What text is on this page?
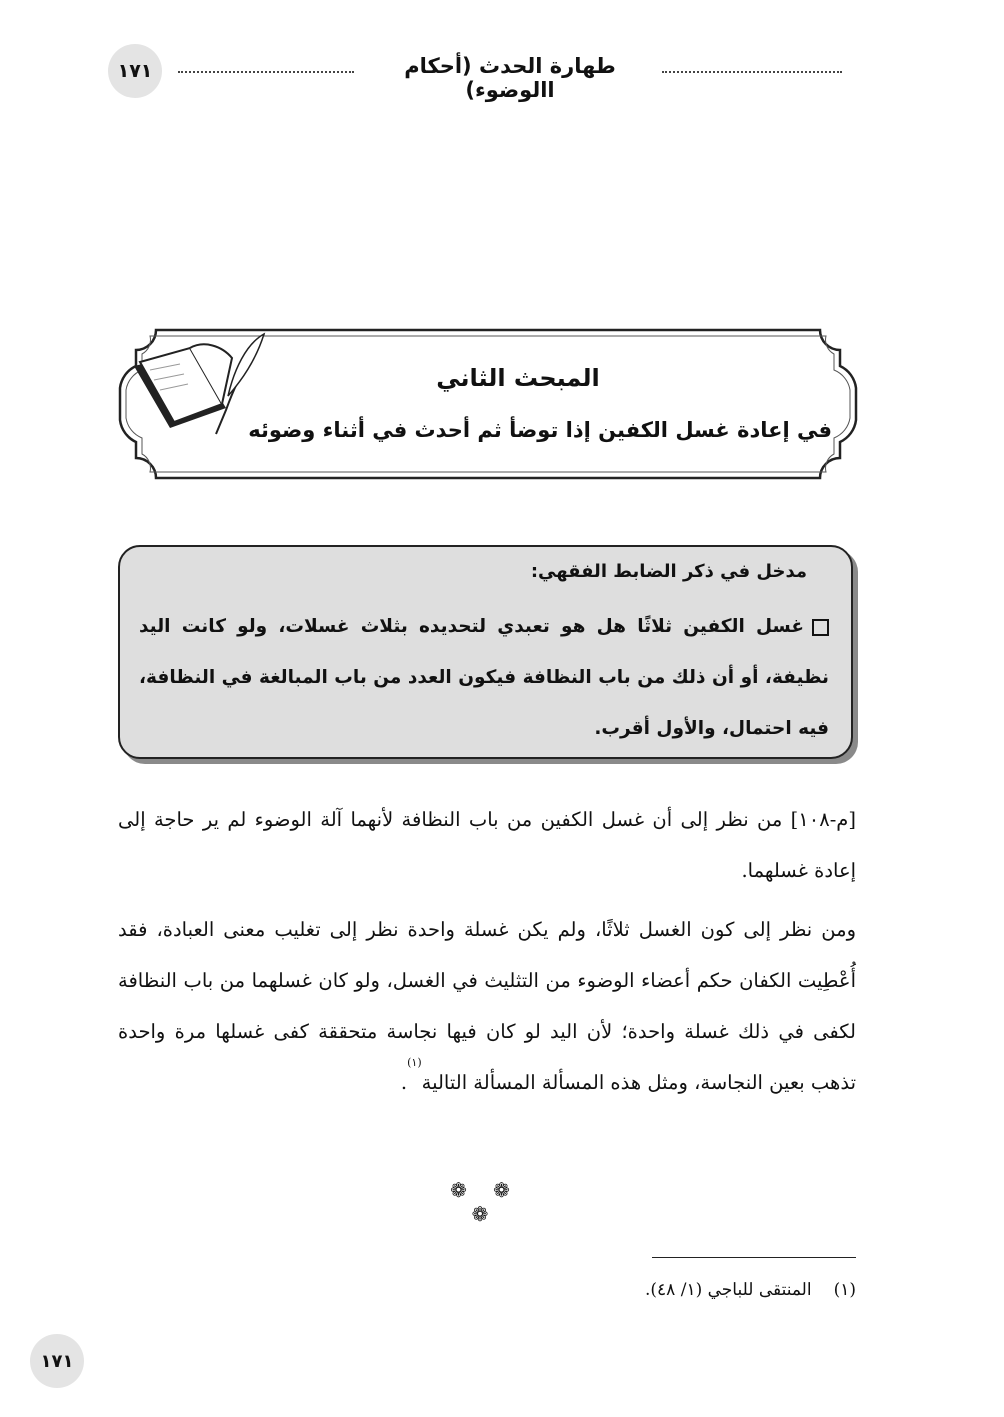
طهارة الحدث (أحكام االوضوء)
١٧١
المبحث الثاني
في إعادة غسل الكفين إذا توضأ ثم أحدث في أثناء وضوئه
مدخل في ذكر الضابط الفقهي:
غسل الكفين ثلاثًا هل هو تعبدي لتحديده بثلاث غسلات، ولو كانت اليد نظيفة، أو أن ذلك من باب النظافة فيكون العدد من باب المبالغة في النظافة، فيه احتمال، والأول أقرب.
[م-١٠٨] من نظر إلى أن غسل الكفين من باب النظافة لأنهما آلة الوضوء لم ير حاجة إلى إعادة غسلهما.
ومن نظر إلى كون الغسل ثلاثًا، ولم يكن غسلة واحدة نظر إلى تغليب معنى العبادة، فقد أُعْطِيت الكفان حكم أعضاء الوضوء من التثليث في الغسل، ولو كان غسلهما من باب النظافة لكفى في ذلك غسلة واحدة؛ لأن اليد لو كان فيها نجاسة متحققة كفى غسلها مرة واحدة تذهب بعين النجاسة، ومثل هذه المسألة المسألة التالية$^{(١)}$.
❁ ❁ ❁
(١)المنتقى للباجي (١/ ٤٨).
١٧١
